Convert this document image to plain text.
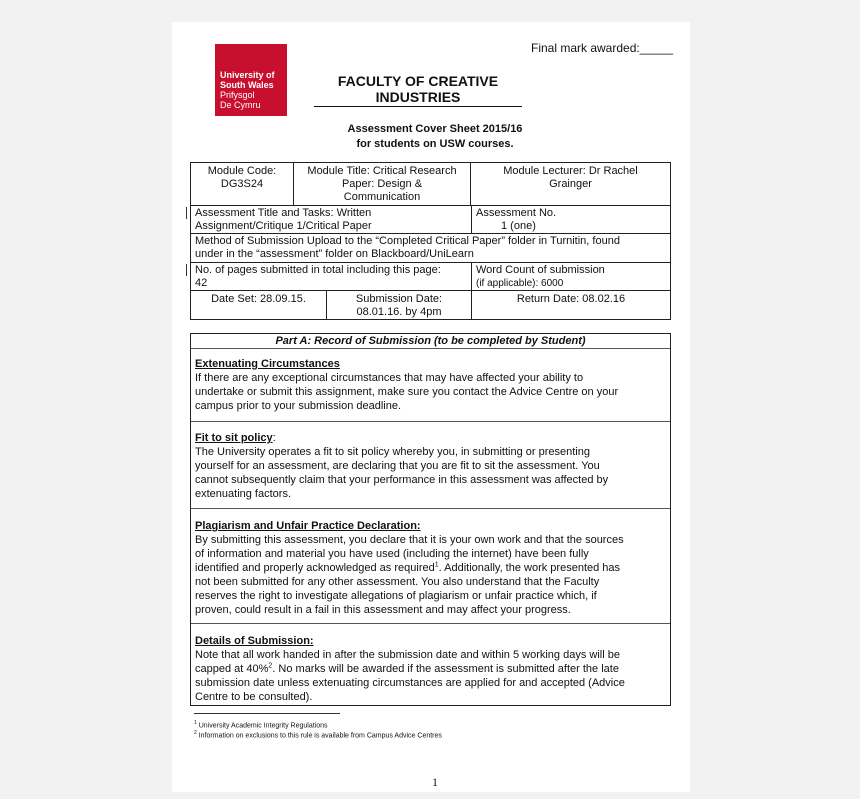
University of
South Wales
Prifysgol
De Cymru
Final mark awarded:_____
FACULTY OF CREATIVE
INDUSTRIES
Assessment Cover Sheet 2015/16
for students on USW courses.
Module Code:
DG3S24
Module Title: Critical Research
Paper: Design &
Communication
Module Lecturer: Dr Rachel
Grainger
Assessment Title and Tasks: Written
Assignment/Critique 1/Critical Paper
Assessment No.
1 (one)
Method of Submission Upload to the “Completed Critical Paper” folder in Turnitin, found
under in the “assessment” folder on Blackboard/UniLearn
No. of pages submitted in total including this page:
42
Word Count of submission
(if applicable): 6000
Date Set: 28.09.15.	Submission Date:
08.01.16. by 4pm
Return Date: 08.02.16
Part A: Record of Submission (to be completed by Student)
Extenuating Circumstances
If there are any exceptional circumstances that may have affected your ability to
undertake or submit this assignment, make sure you contact the Advice Centre on your
campus prior to your submission deadline.
Fit to sit policy:
The University operates a fit to sit policy whereby you, in submitting or presenting
yourself for an assessment, are declaring that you are fit to sit the assessment. You
cannot subsequently claim that your performance in this assessment was affected by
extenuating factors.
Plagiarism and Unfair Practice Declaration:
By submitting this assessment, you declare that it is your own work and that the sources
of information and material you have used (including the internet) have been fully
identified and properly acknowledged as required$^1$. Additionally, the work presented has
not been submitted for any other assessment. You also understand that the Faculty
reserves the right to investigate allegations of plagiarism or unfair practice which, if
proven, could result in a fail in this assessment and may affect your progress.
Details of Submission:
Note that all work handed in after the submission date and within 5 working days will be
capped at 40%$^2$. No marks will be awarded if the assessment is submitted after the late
submission date unless extenuating circumstances are applied for and accepted (Advice
Centre to be consulted).
$^1$ University Academic Integrity Regulations
$^2$ Information on exclusions to this rule is available from Campus Advice Centres
1
